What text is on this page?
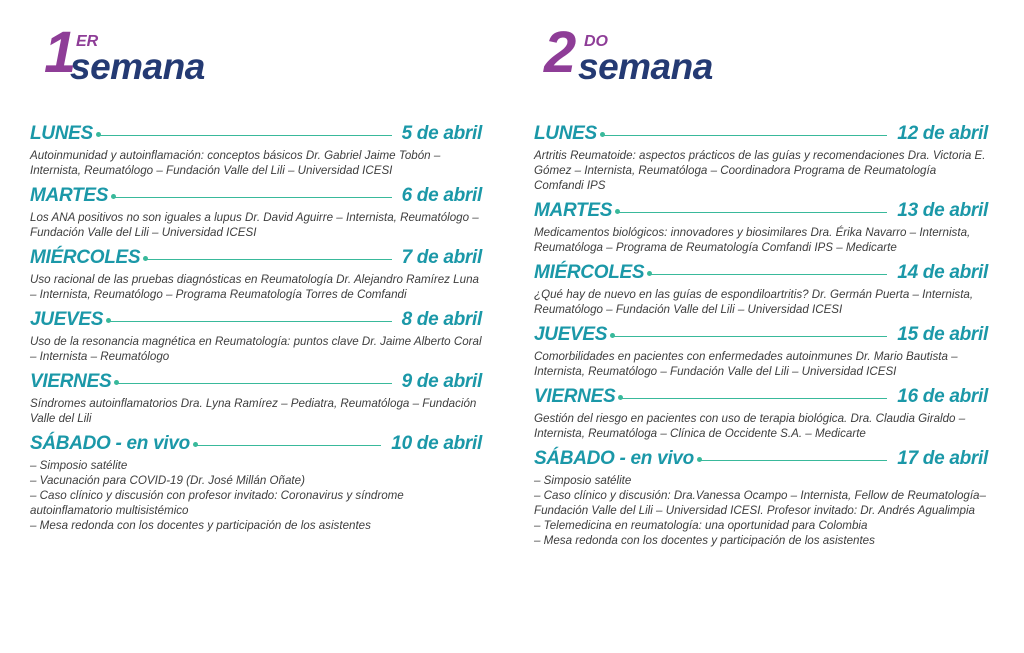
1 ER
semana
LUNES	5 de abril

Autoinmunidad y autoinflamación: conceptos básicos Dr. Gabriel Jaime Tobón – Internista, Reumatólogo – Fundación Valle del Lili – Universidad ICESI

MARTES	6 de abril

Los ANA positivos no son iguales a lupus Dr. David Aguirre – Internista, Reumatólogo – Fundación Valle del Lili – Universidad ICESI

MIÉRCOLES	7 de abril

Uso racional de las pruebas diagnósticas en Reumatología Dr. Alejandro Ramírez Luna – Internista, Reumatólogo – Programa Reumatología Torres de Comfandi

JUEVES	8 de abril

Uso de la resonancia magnética en Reumatología: puntos clave Dr. Jaime Alberto Coral – Internista – Reumatólogo

VIERNES	9 de abril

Síndromes autoinflamatorios Dra. Lyna Ramírez – Pediatra, Reumatóloga – Fundación Valle del Lili

SÁBADO - en vivo	10 de abril
– Simposio satélite
– Vacunación para COVID-19 (Dr. José Millán Oñate)
– Caso clínico y discusión con profesor invitado: Coronavirus y síndrome autoinflamatorio multisistémico
– Mesa redonda con los docentes y participación de los asistentes
2 DO
semana
LUNES	12 de abril

Artritis Reumatoide: aspectos prácticos de las guías y recomendaciones Dra. Victoria E. Gómez – Internista, Reumatóloga – Coordinadora Programa de Reumatología Comfandi IPS

MARTES	13 de abril

Medicamentos biológicos: innovadores y biosimilares Dra. Érika Navarro – Internista, Reumatóloga – Programa de Reumatología Comfandi IPS – Medicarte

MIÉRCOLES	14 de abril

¿Qué hay de nuevo en las guías de espondiloartritis? Dr. Germán Puerta – Internista, Reumatólogo – Fundación Valle del Lili – Universidad ICESI

JUEVES	15 de abril

Comorbilidades en pacientes con enfermedades autoinmunes Dr. Mario Bautista – Internista, Reumatólogo – Fundación Valle del Lili – Universidad ICESI

VIERNES	16 de abril

Gestión del riesgo en pacientes con uso de terapia biológica. Dra. Claudia Giraldo – Internista, Reumatóloga – Clínica de Occidente S.A. – Medicarte

SÁBADO - en vivo	17 de abril
– Simposio satélite
– Caso clínico y discusión: Dra.Vanessa Ocampo – Internista, Fellow de Reumatología– Fundación Valle del Lili – Universidad ICESI. Profesor invitado: Dr. Andrés Agualimpia
– Telemedicina en reumatología: una oportunidad para Colombia
– Mesa redonda con los docentes y participación de los asistentes
